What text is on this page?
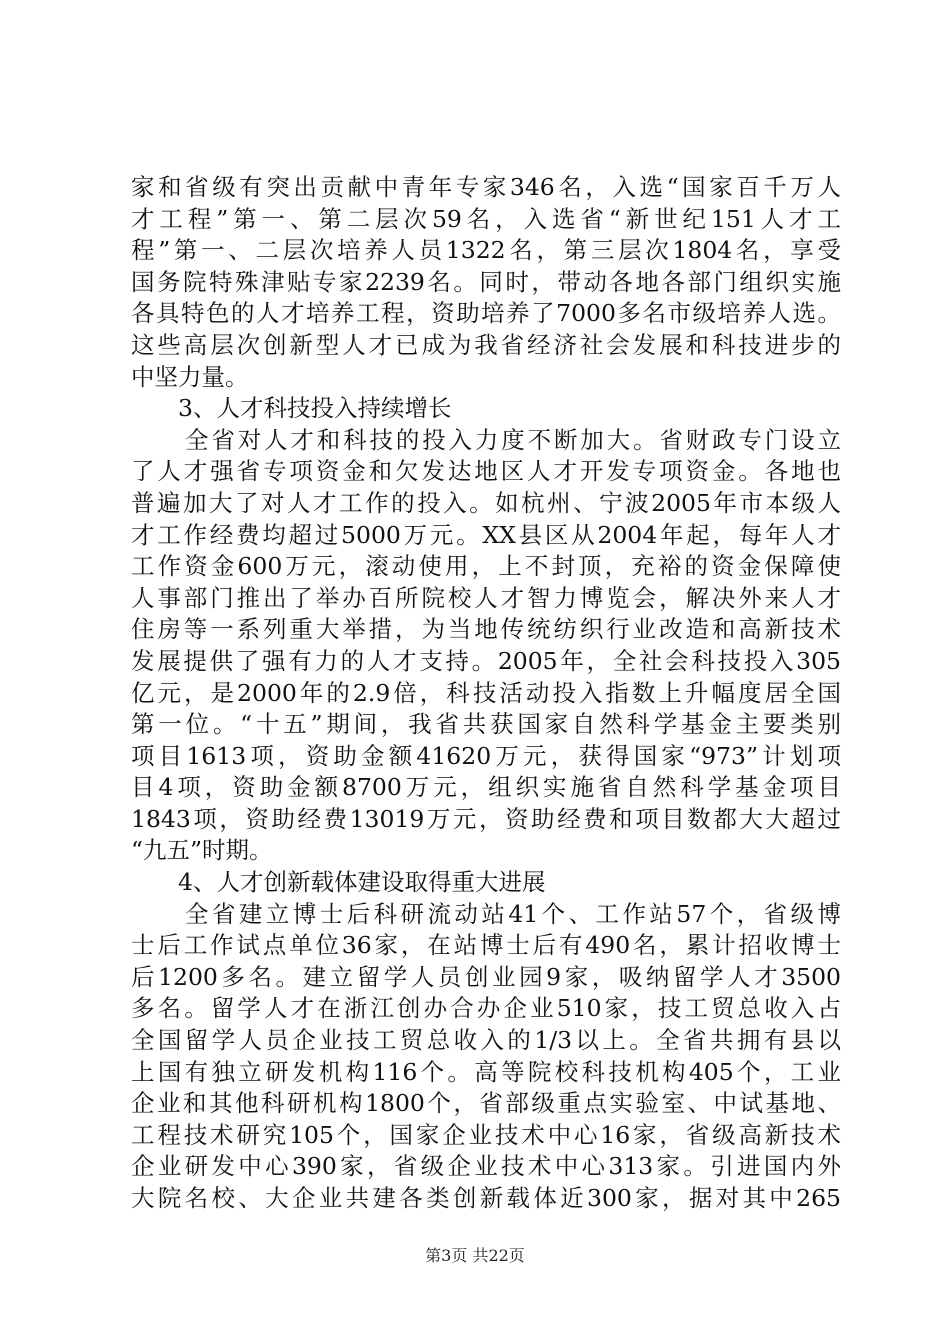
家和省级有突出贡献中青年专家346名，入选“国家百千万人
才工程”第一、第二层次59名，入选省“新世纪151人才工
程”第一、二层次培养人员1322名，第三层次1804名，享受
国务院特殊津贴专家2239名。同时，带动各地各部门组织实施
各具特色的人才培养工程，资助培养了7000多名市级培养人选。
这些高层次创新型人才已成为我省经济社会发展和科技进步的
中坚力量。
3、人才科技投入持续增长
全省对人才和科技的投入力度不断加大。省财政专门设立
了人才强省专项资金和欠发达地区人才开发专项资金。各地也
普遍加大了对人才工作的投入。如杭州、宁波2005年市本级人
才工作经费均超过5000万元。XX县区从2004年起，每年人才
工作资金600万元，滚动使用，上不封顶，充裕的资金保障使
人事部门推出了举办百所院校人才智力博览会，解决外来人才
住房等一系列重大举措，为当地传统纺织行业改造和高新技术
发展提供了强有力的人才支持。2005年，全社会科技投入305
亿元，是2000年的2.9倍，科技活动投入指数上升幅度居全国
第一位。“十五”期间，我省共获国家自然科学基金主要类别
项目1613项，资助金额41620万元，获得国家“973”计划项
目4项，资助金额8700万元，组织实施省自然科学基金项目
1843项，资助经费13019万元，资助经费和项目数都大大超过
“九五”时期。
4、人才创新载体建设取得重大进展
全省建立博士后科研流动站41个、工作站57个，省级博
士后工作试点单位36家，在站博士后有490名，累计招收博士
后1200多名。建立留学人员创业园9家，吸纳留学人才3500
多名。留学人才在浙江创办合办企业510家，技工贸总收入占
全国留学人员企业技工贸总收入的1/3以上。全省共拥有县以
上国有独立研发机构116个。高等院校科技机构405个，工业
企业和其他科研机构1800个，省部级重点实验室、中试基地、
工程技术研究105个，国家企业技术中心16家，省级高新技术
企业研发中心390家，省级企业技术中心313家。引进国内外
大院名校、大企业共建各类创新载体近300家，据对其中265
第3页 共22页
